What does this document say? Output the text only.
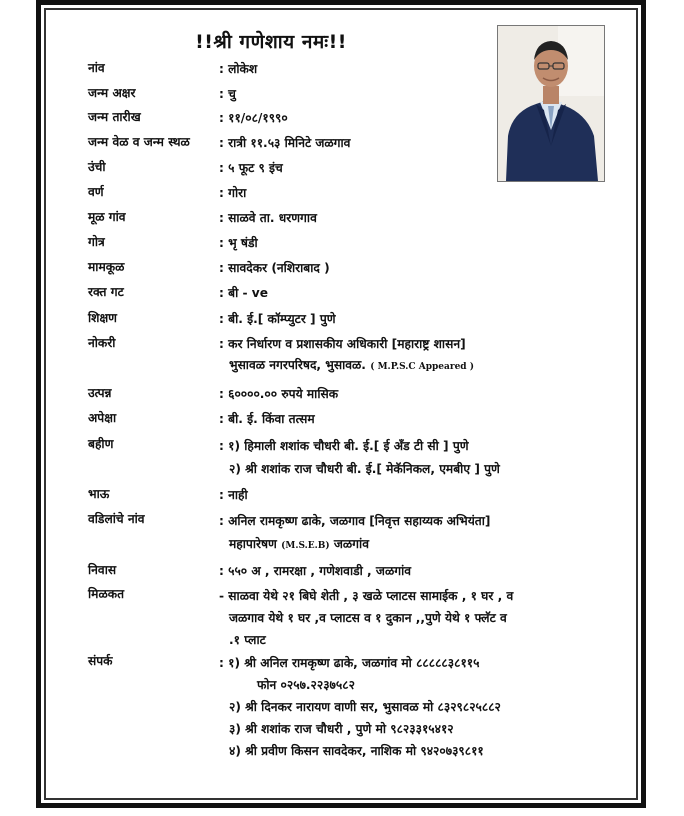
!!श्री गणेशाय नमः!!
नांव	: लोकेश
जन्म अक्षर	: चु
जन्म तारीख	: ११/०८/१९९०
जन्म वेळ व जन्म स्थळ : रात्री ११.५३ मिनिटे जळगाव
उंची	: ५ फूट ९ इंच
वर्ण	: गोरा
मूळ गांव	: साळवे ता. धरणगाव
गोत्र	: भृ षंडी
मामकूळ	: सावदेकर (नशिराबाद )
रक्त गट	: बी - ve
शिक्षण	: बी. ई.[ कॉम्प्युटर ] पुणे
नोकरी	: कर निर्धारण व प्रशासकीय अधिकारी [महाराष्ट्र शासन]
भुसावळ नगरपरिषद, भुसावळ. ( M.P.S.C Appeared )
उत्पन्न	: ६००००.०० रुपये मासिक
अपेक्षा	: बी. ई. किंवा तत्सम
बहीण	: १) हिमाली शशांक चौधरी बी. ई.[ ई अँड टी सी ] पुणे
२) श्री शशांक राज चौधरी बी. ई.[ मेकॅनिकल, एमबीए ] पुणे
भाऊ	: नाही
वडिलांचे नांव	: अनिल रामकृष्ण ढाके, जळगाव [निवृत्त सहाय्यक अभियंता]
महापारेषण (M.S.E.B) जळगांव
निवास	: ५५० अ , रामरक्षा , गणेशवाडी , जळगांव
मिळकत	- साळवा येथे २१ बिघे शेती , ३ खळे प्लाटस सामाईक , १ घर , व
जळगाव येथे १ घर ,व प्लाटस व १ दुकान ,,पुणे येथे १ फ्लॅट व
.१ प्लाट
संपर्क	: १) श्री अनिल रामकृष्ण ढाके, जळगांव मो ८८८८८३८११५
फोन ०२५७.२२३७५८२
२) श्री दिनकर नारायण वाणी सर, भुसावळ मो ८३२९८२५८८२
३) श्री शशांक राज चौधरी , पुणे मो ९८२३३१५४१२
४) श्री प्रवीण किसन सावदेकर, नाशिक मो ९४२०७३९८११
